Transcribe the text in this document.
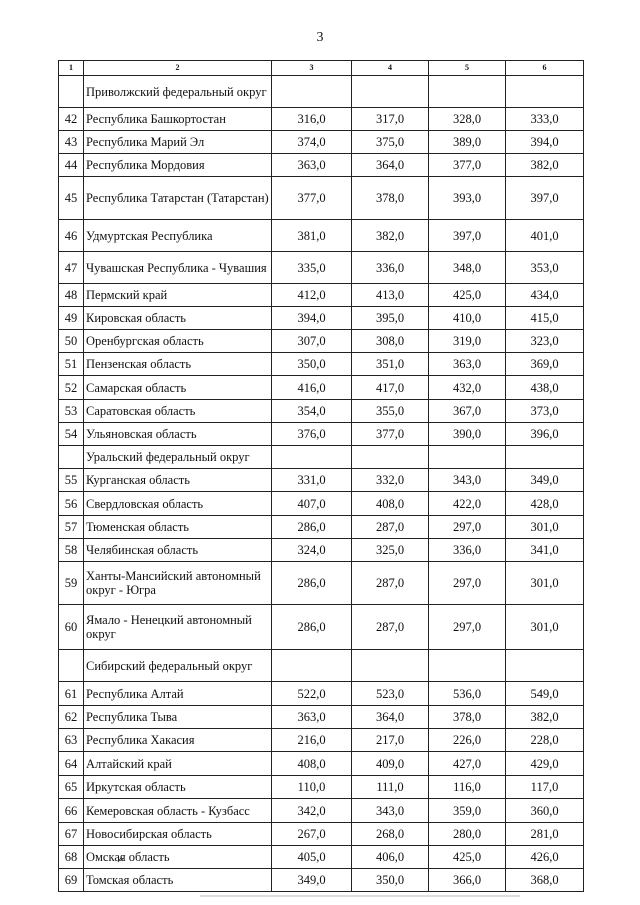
3
1	2	3	4	5	6
	Приволжский федеральный округ				
42	Республика Башкортостан	316,0	317,0	328,0	333,0
43	Республика Марий Эл	374,0	375,0	389,0	394,0
44	Республика Мордовия	363,0	364,0	377,0	382,0
45	Республика Татарстан (Татарстан)	377,0	378,0	393,0	397,0
46	Удмуртская Республика	381,0	382,0	397,0	401,0
47	Чувашская Республика - Чувашия	335,0	336,0	348,0	353,0
48	Пермский край	412,0	413,0	425,0	434,0
49	Кировская область	394,0	395,0	410,0	415,0
50	Оренбургская область	307,0	308,0	319,0	323,0
51	Пензенская область	350,0	351,0	363,0	369,0
52	Самарская область	416,0	417,0	432,0	438,0
53	Саратовская область	354,0	355,0	367,0	373,0
54	Ульяновская область	376,0	377,0	390,0	396,0
	Уральский федеральный округ				
55	Курганская область	331,0	332,0	343,0	349,0
56	Свердловская область	407,0	408,0	422,0	428,0
57	Тюменская область	286,0	287,0	297,0	301,0
58	Челябинская область	324,0	325,0	336,0	341,0
59	Ханты-Мансийский автономный округ - Югра	286,0	287,0	297,0	301,0
60	Ямало - Ненецкий автономный округ	286,0	287,0	297,0	301,0
	Сибирский федеральный округ				
61	Республика Алтай	522,0	523,0	536,0	549,0
62	Республика Тыва	363,0	364,0	378,0	382,0
63	Республика Хакасия	216,0	217,0	226,0	228,0
64	Алтайский край	408,0	409,0	427,0	429,0
65	Иркутская область	110,0	111,0	116,0	117,0
66	Кемеровская область - Кузбасс	342,0	343,0	359,0	360,0
67	Новосибирская область	267,0	268,0	280,0	281,0
68	Омская область	405,0	406,0	425,0	426,0
69	Томская область	349,0	350,0	366,0	368,0
